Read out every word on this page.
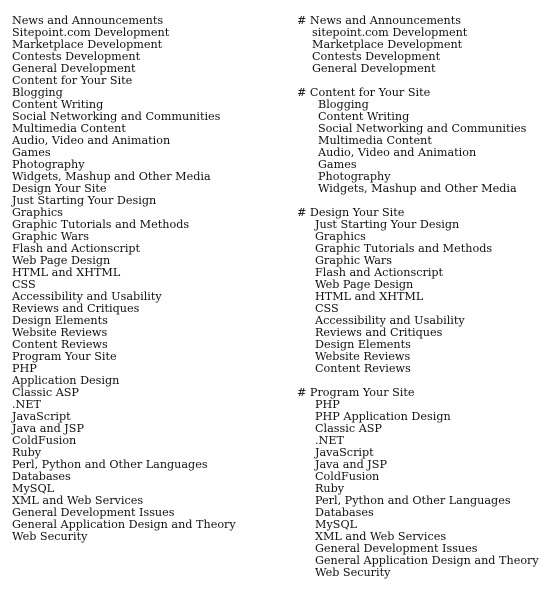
News and Announcements
Sitepoint.com Development
Marketplace Development
Contests Development
General Development
Content for Your Site
Blogging
Content Writing
Social Networking and Communities
Multimedia Content
Audio, Video and Animation
Games
Photography
Widgets, Mashup and Other Media
Design Your Site
Just Starting Your Design
Graphics
Graphic Tutorials and Methods
Graphic Wars
Flash and Actionscript
Web Page Design
HTML and XHTML
CSS
Accessibility and Usability
Reviews and Critiques
Design Elements
Website Reviews
Content Reviews
Program Your Site
PHP
Application Design
Classic ASP
.NET
JavaScript
Java and JSP
ColdFusion
Ruby
Perl, Python and Other Languages
Databases
MySQL
XML and Web Services
General Development Issues
General Application Design and Theory
Web Security
# News and Announcements
sitepoint.com Development
Marketplace Development
Contests Development
General Development
# Content for Your Site
Blogging
Content Writing
Social Networking and Communities
Multimedia Content
Audio, Video and Animation
Games
Photography
Widgets, Mashup and Other Media
# Design Your Site
Just Starting Your Design
Graphics
Graphic Tutorials and Methods
Graphic Wars
Flash and Actionscript
Web Page Design
HTML and XHTML
CSS
Accessibility and Usability
Reviews and Critiques
Design Elements
Website Reviews
Content Reviews
# Program Your Site
PHP
PHP Application Design
Classic ASP
.NET
JavaScript
Java and JSP
ColdFusion
Ruby
Perl, Python and Other Languages
Databases
MySQL
XML and Web Services
General Development Issues
General Application Design and Theory
Web Security
